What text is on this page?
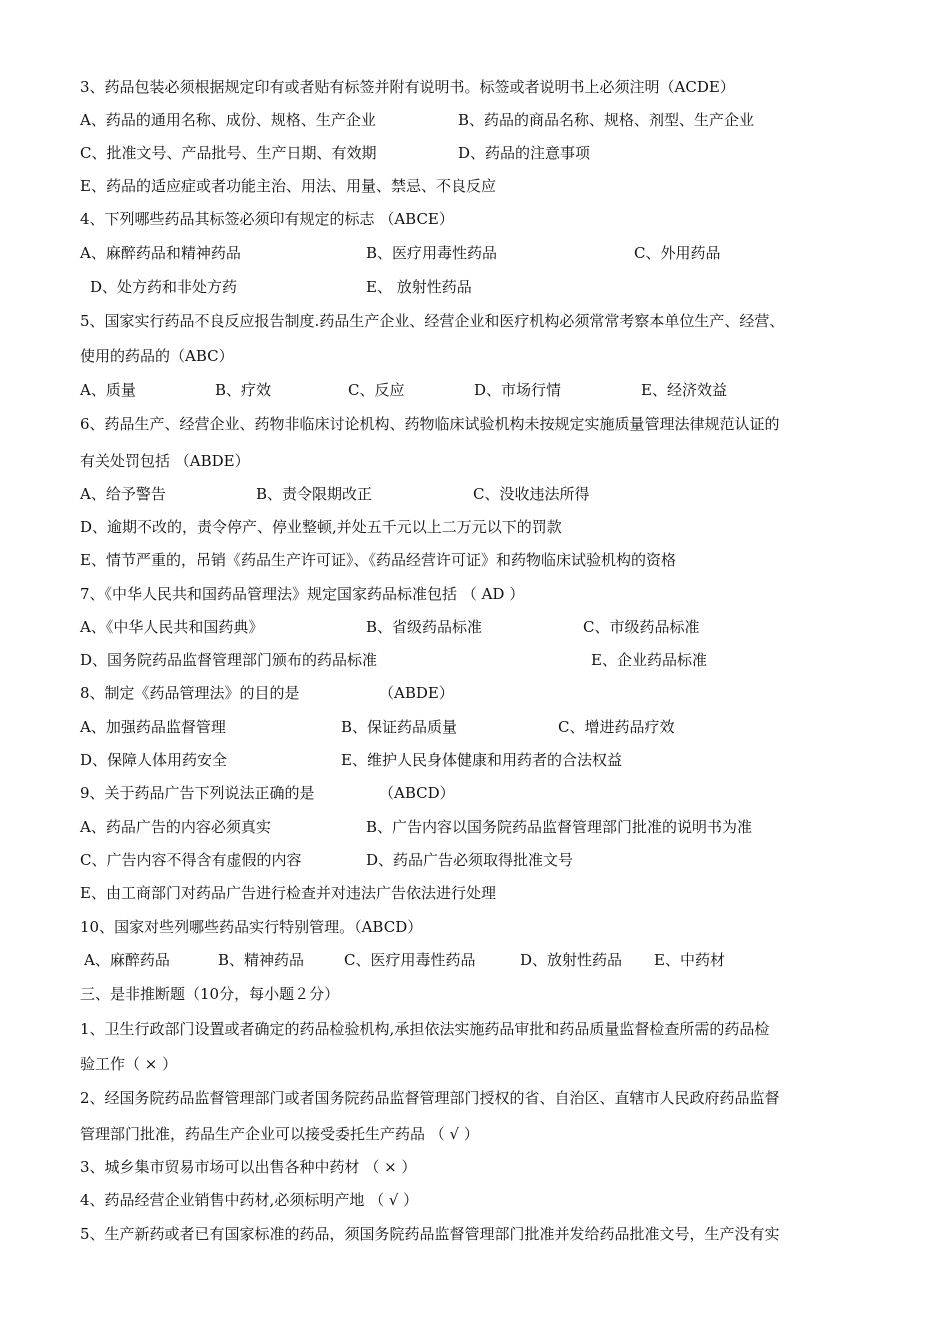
3、药品包装必须根据规定印有或者贴有标签并附有说明书。标签或者说明书上必须注明（ACDE）
A、药品的通用名称、成份、规格、生产企业	B、药品的商品名称、规格、剂型、生产企业
C、批准文号、产品批号、生产日期、有效期	D、药品的注意事项
E、药品的适应症或者功能主治、用法、用量、禁忌、不良反应
4、下列哪些药品其标签必须印有规定的标志 （ABCE）
A、麻醉药品和精神药品	B、医疗用毒性药品	C、外用药品
D、处方药和非处方药	E、 放射性药品
5、国家实行药品不良反应报告制度.药品生产企业、经营企业和医疗机构必须常常考察本单位生产、经营、
使用的药品的（ABC）
A、质量	B、疗效	C、反应	D、市场行情	E、经济效益
6、药品生产、经营企业、药物非临床讨论机构、药物临床试验机构未按规定实施质量管理法律规范认证的
有关处罚包括 （ABDE）
A、给予警告	B、责令限期改正	C、没收违法所得
D、逾期不改的，责令停产、停业整顿,并处五千元以上二万元以下的罚款
E、情节严重的，吊销《药品生产许可证》、《药品经营许可证》和药物临床试验机构的资格
7、《中华人民共和国药品管理法》规定国家药品标准包括 （ AD ）
A、《中华人民共和国药典》	B、省级药品标准	C、市级药品标准
D、国务院药品监督管理部门颁布的药品标准	E、企业药品标准
8、制定《药品管理法》的目的是	（ABDE）
A、加强药品监督管理	B、保证药品质量	C、增进药品疗效
D、保障人体用药安全	E、维护人民身体健康和用药者的合法权益
9、关于药品广告下列说法正确的是	（ABCD）
A、药品广告的内容必须真实	B、广告内容以国务院药品监督管理部门批准的说明书为准
C、广告内容不得含有虚假的内容	D、药品广告必须取得批准文号
E、由工商部门对药品广告进行检查并对违法广告依法进行处理
10、国家对些列哪些药品实行特别管理。（ABCD）
A、麻醉药品	B、精神药品	C、医疗用毒性药品	D、放射性药品 E、中药材
三、是非推断题（10分，每小题２分）
1、卫生行政部门设置或者确定的药品检验机构,承担依法实施药品审批和药品质量监督检查所需的药品检
验工作（ × ）
2、经国务院药品监督管理部门或者国务院药品监督管理部门授权的省、自治区、直辖市人民政府药品监督
管理部门批准，药品生产企业可以接受委托生产药品 （ √ ）
3、城乡集市贸易市场可以出售各种中药材 （ × ）
4、药品经营企业销售中药材,必须标明产地 （ √ ）
5、生产新药或者已有国家标准的药品，须国务院药品监督管理部门批准并发给药品批准文号，生产没有实
